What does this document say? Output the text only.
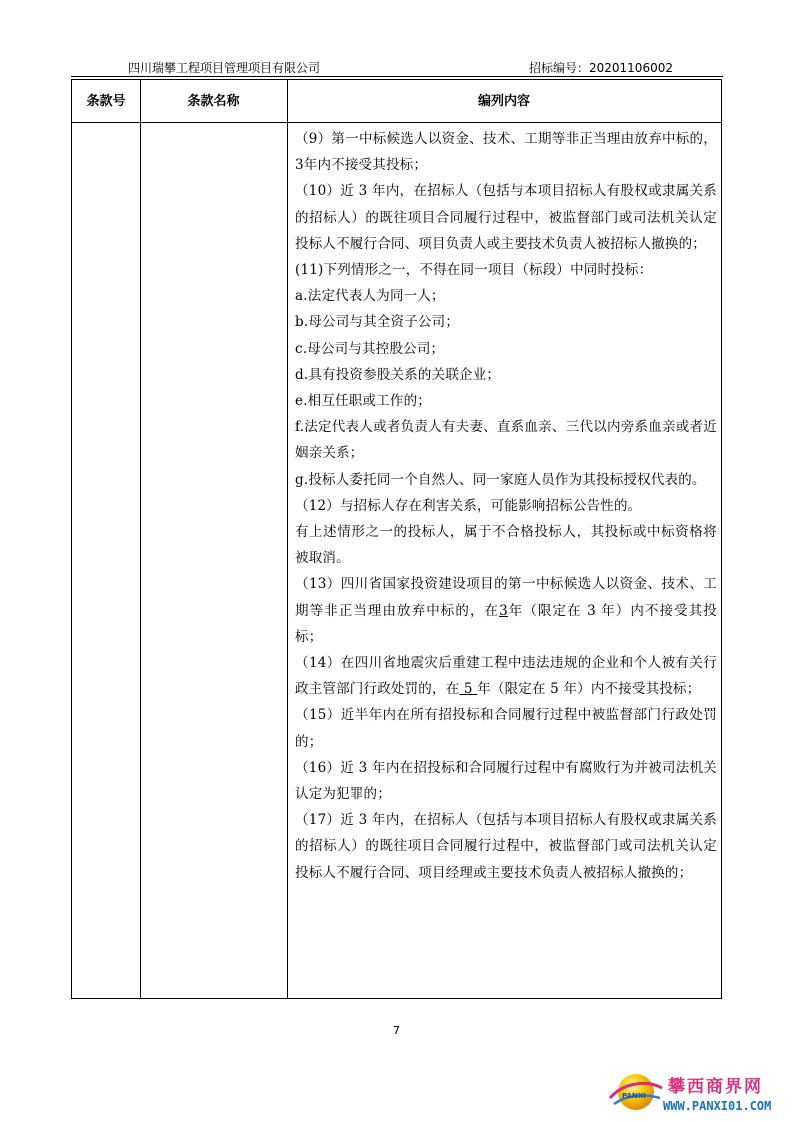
四川瑞攀工程项目管理项目有限公司	招标编号：20201106002
条款号	条款名称	编列内容

（9）第一中标候选人以资金、技术、工期等非正当理由放弃中标的，3年内不接受其投标；

（10）近 3 年内，在招标人（包括与本项目招标人有股权或隶属关系的招标人）的既往项目合同履行过程中，被监督部门或司法机关认定投标人不履行合同、项目负责人或主要技术负责人被招标人撤换的；

(11)下列情形之一，不得在同一项目（标段）中同时投标：

a.法定代表人为同一人；

b.母公司与其全资子公司；

c.母公司与其控股公司；

d.具有投资参股关系的关联企业；

e.相互任职或工作的；

f.法定代表人或者负责人有夫妻、直系血亲、三代以内旁系血亲或者近姻亲关系；

g.投标人委托同一个自然人、同一家庭人员作为其投标授权代表的。

（12）与招标人存在利害关系，可能影响招标公告性的。

有上述情形之一的投标人，属于不合格投标人，其投标或中标资格将被取消。

（13）四川省国家投资建设项目的第一中标候选人以资金、技术、工期等非正当理由放弃中标的，在3年（限定在 3 年）内不接受其投标；

（14）在四川省地震灾后重建工程中违法违规的企业和个人被有关行政主管部门行政处罚的，在 5 年（限定在 5 年）内不接受其投标；

（15）近半年内在所有招投标和合同履行过程中被监督部门行政处罚的；

（16）近 3 年内在招投标和合同履行过程中有腐败行为并被司法机关认定为犯罪的；

（17）近 3 年内，在招标人（包括与本项目招标人有股权或隶属关系的招标人）的既往项目合同履行过程中，被监督部门或司法机关认定投标人不履行合同、项目经理或主要技术负责人被招标人撤换的；

7
PANXI 攀西商界网
WWW.PANXI01.COM
